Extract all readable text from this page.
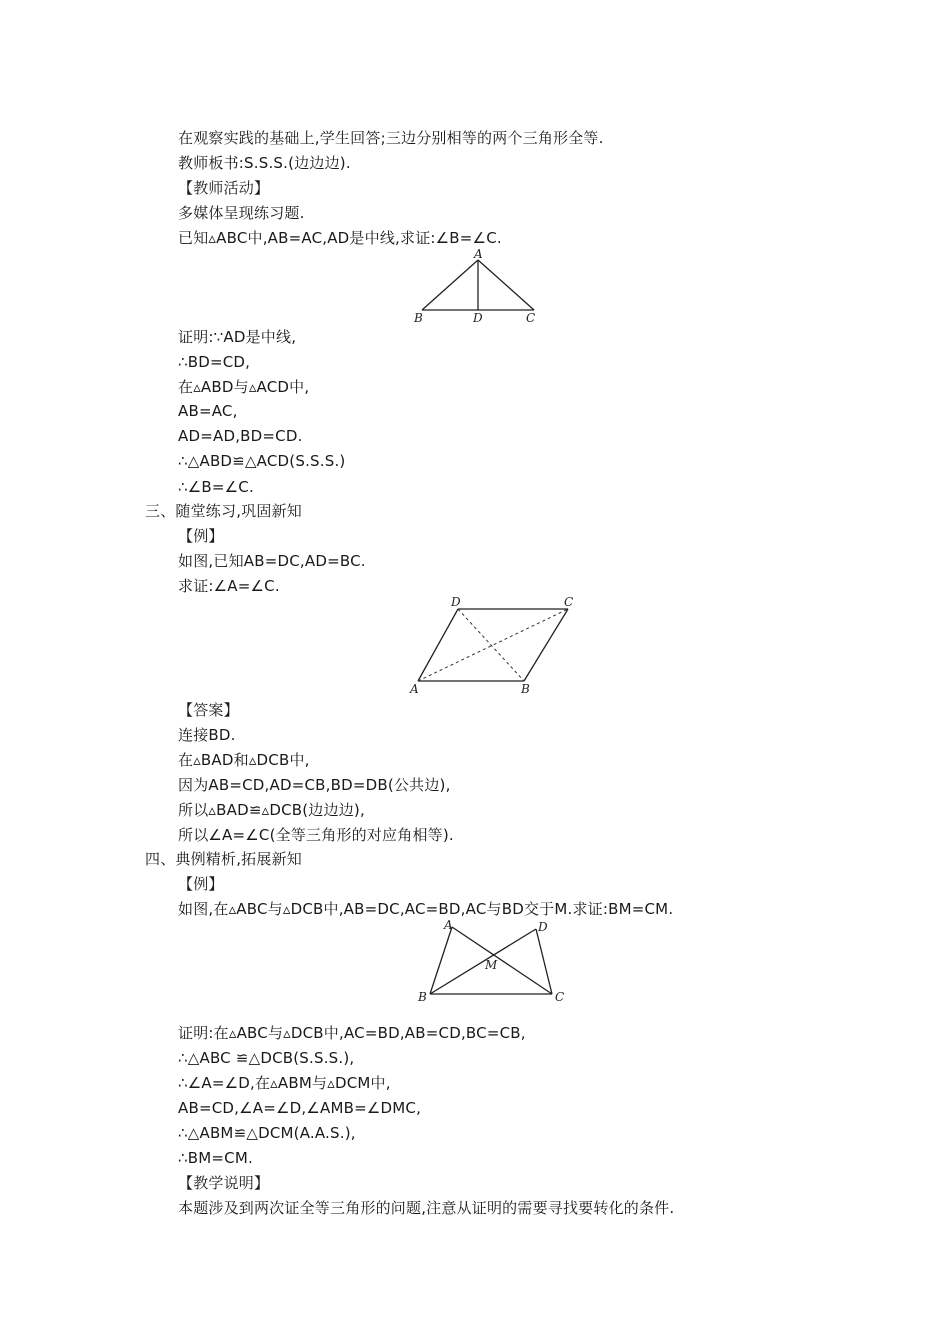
在观察实践的基础上,学生回答;三边分别相等的两个三角形全等.
教师板书:S.S.S.(边边边).
【教师活动】
多媒体呈现练习题.
已知▵ABC中,AB=AC,AD是中线,求证:∠B=∠C.
A
B	D	C
证明:∵AD是中线,
∴BD=CD,
在▵ABD与▵ACD中,
AB=AC,
AD=AD,BD=CD.
∴△ABD≌△ACD(S.S.S.)
∴∠B=∠C.
三、随堂练习,巩固新知
【例】
如图,已知AB=DC,AD=BC.
求证:∠A=∠C.
D	C
A	B
【答案】
连接BD.
在▵BAD和▵DCB中,
因为AB=CD,AD=CB,BD=DB(公共边),
所以▵BAD≌▵DCB(边边边),
所以∠A=∠C(全等三角形的对应角相等).
四、典例精析,拓展新知
【例】
如图,在▵ABC与▵DCB中,AB=DC,AC=BD,AC与BD交于M.求证:BM=CM.
A	D
M
B	C
证明:在▵ABC与▵DCB中,AC=BD,AB=CD,BC=CB,
∴△ABC ≌△DCB(S.S.S.),
∴∠A=∠D,在▵ABM与▵DCM中,
AB=CD,∠A=∠D,∠AMB=∠DMC,
∴△ABM≌△DCM(A.A.S.),
∴BM=CM.
【教学说明】
本题涉及到两次证全等三角形的问题,注意从证明的需要寻找要转化的条件.
